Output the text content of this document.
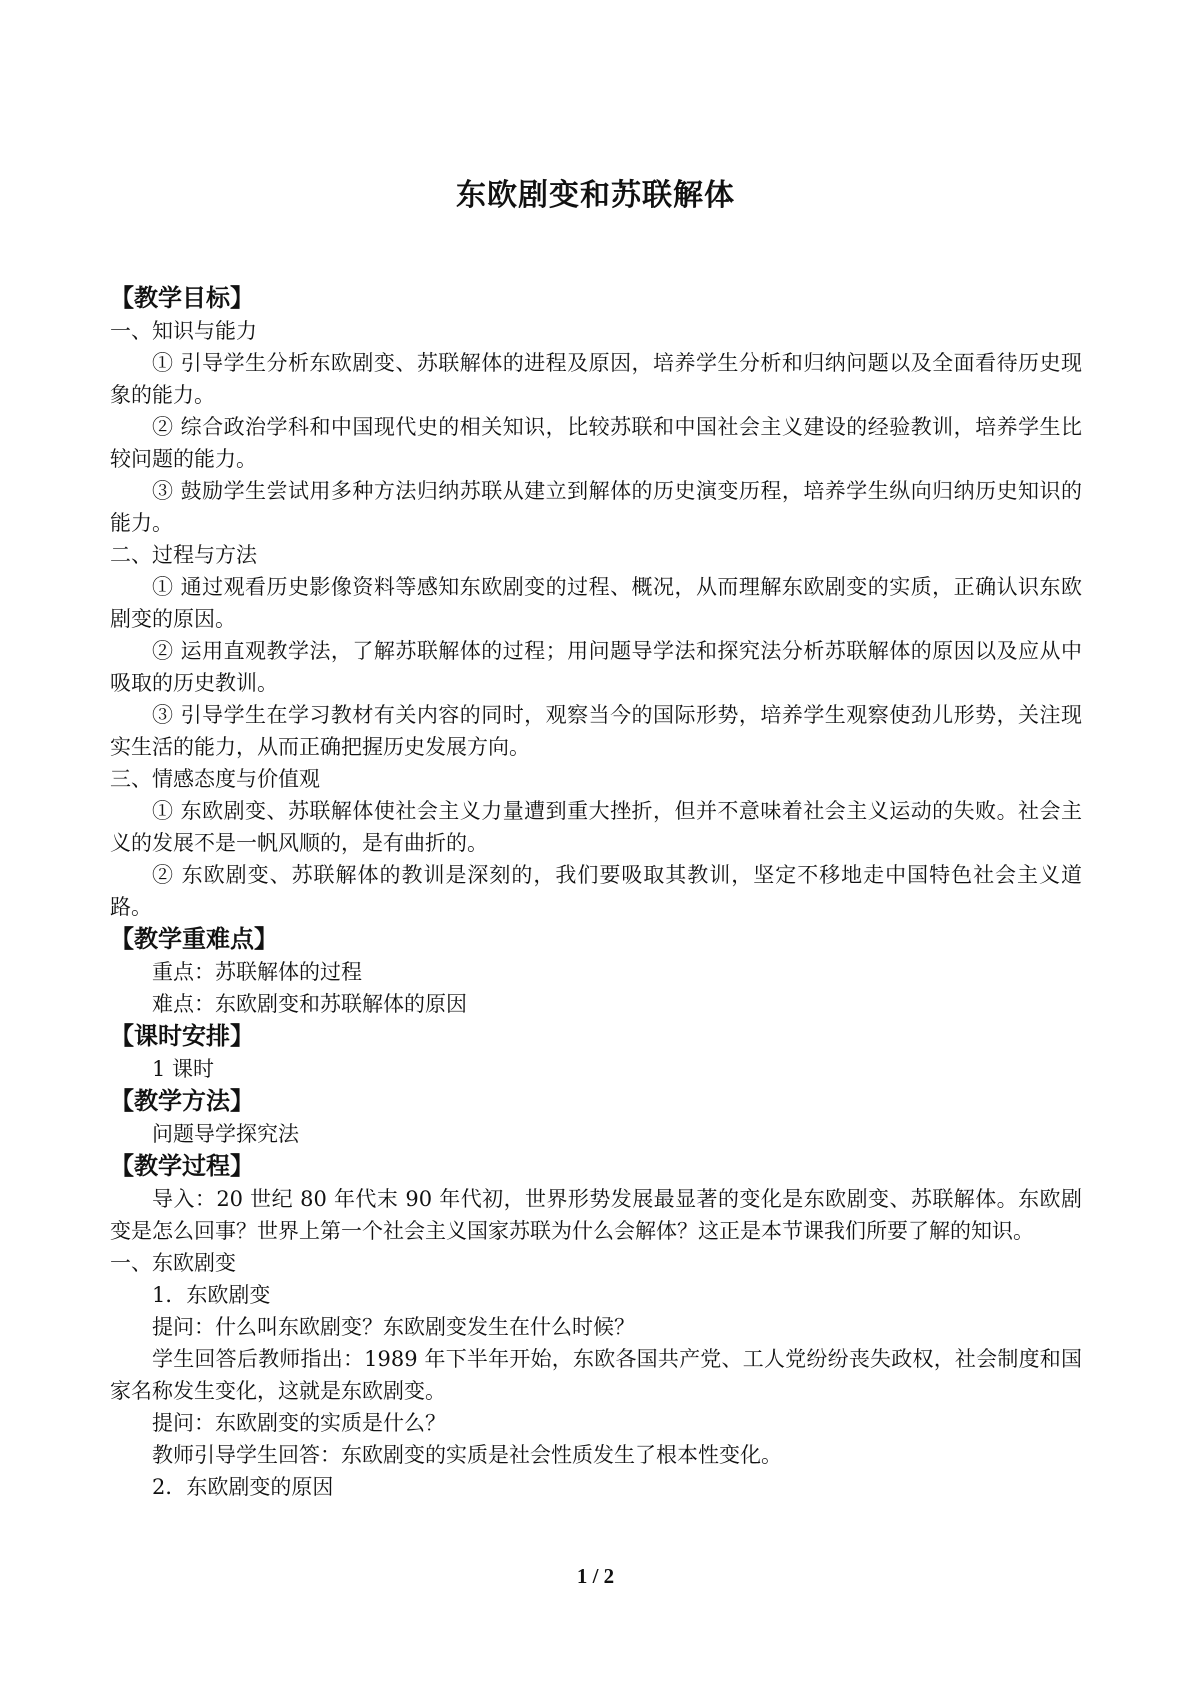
东欧剧变和苏联解体
【教学目标】
一、知识与能力
① 引导学生分析东欧剧变、苏联解体的进程及原因，培养学生分析和归纳问题以及全面看待历史现象的能力。
② 综合政治学科和中国现代史的相关知识，比较苏联和中国社会主义建设的经验教训，培养学生比较问题的能力。
③ 鼓励学生尝试用多种方法归纳苏联从建立到解体的历史演变历程，培养学生纵向归纳历史知识的能力。
二、过程与方法
① 通过观看历史影像资料等感知东欧剧变的过程、概况，从而理解东欧剧变的实质，正确认识东欧剧变的原因。
② 运用直观教学法，了解苏联解体的过程；用问题导学法和探究法分析苏联解体的原因以及应从中吸取的历史教训。
③ 引导学生在学习教材有关内容的同时，观察当今的国际形势，培养学生观察使劲儿形势，关注现实生活的能力，从而正确把握历史发展方向。
三、情感态度与价值观
① 东欧剧变、苏联解体使社会主义力量遭到重大挫折，但并不意味着社会主义运动的失败。社会主义的发展不是一帆风顺的，是有曲折的。
② 东欧剧变、苏联解体的教训是深刻的，我们要吸取其教训，坚定不移地走中国特色社会主义道路。
【教学重难点】
重点：苏联解体的过程
难点：东欧剧变和苏联解体的原因
【课时安排】
1 课时
【教学方法】
问题导学探究法
【教学过程】
导入：20 世纪 80 年代末 90 年代初，世界形势发展最显著的变化是东欧剧变、苏联解体。东欧剧变是怎么回事？世界上第一个社会主义国家苏联为什么会解体？这正是本节课我们所要了解的知识。
一、东欧剧变
1．东欧剧变
提问：什么叫东欧剧变？东欧剧变发生在什么时候？
学生回答后教师指出：1989 年下半年开始，东欧各国共产党、工人党纷纷丧失政权，社会制度和国家名称发生变化，这就是东欧剧变。
提问：东欧剧变的实质是什么？
教师引导学生回答：东欧剧变的实质是社会性质发生了根本性变化。
2．东欧剧变的原因
1 / 2
